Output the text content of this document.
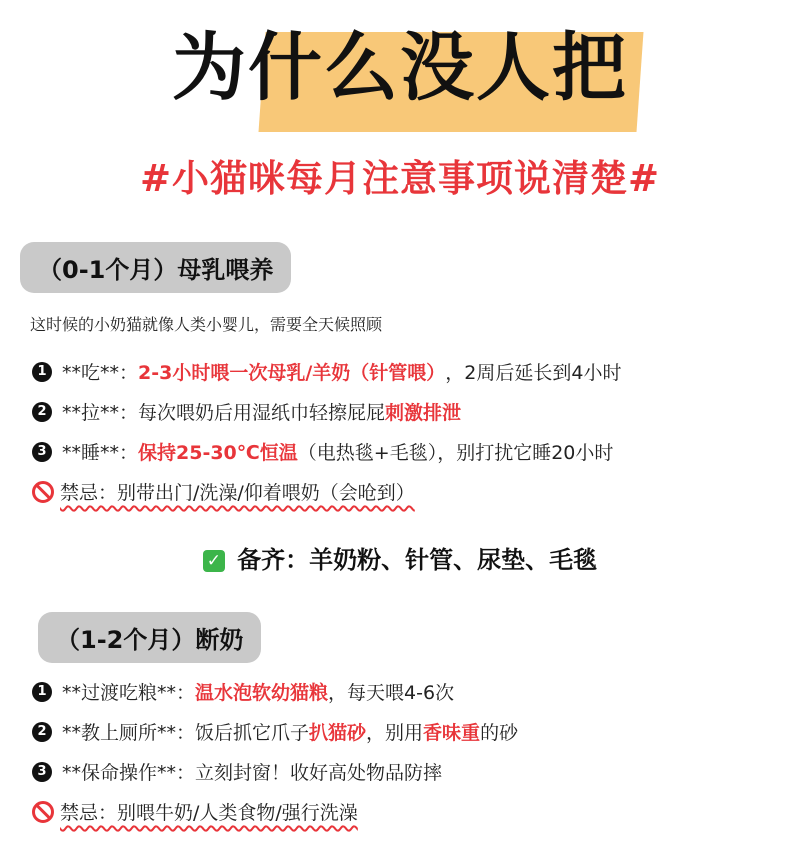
为什么没人把
#小猫咪每月注意事项说清楚#
（0-1个月）母乳喂养
这时候的小奶猫就像人类小婴儿，需要全天候照顾
1 **吃**： 2-3小时喂一次母乳/羊奶（针管喂） ，2周后延长到4小时
2 **拉**：每次喂奶后用湿纸巾轻擦屁屁 刺激排泄
3 **睡**： 保持25-30℃恒温 （电热毯+毛毯），别打扰它睡20小时
禁忌：别带出门/洗澡/仰着喂奶（会呛到）
✓ 备齐：羊奶粉、针管、尿垫、毛毯
（1-2个月）断奶
1 **过渡吃粮**： 温水泡软幼猫粮 ，每天喂4-6次
2 **教上厕所**：饭后抓它爪子 扒猫砂 ，别用 香味重 的砂
3 **保命操作**：立刻封窗！收好高处物品防摔
禁忌：别喂牛奶/人类食物/强行洗澡
